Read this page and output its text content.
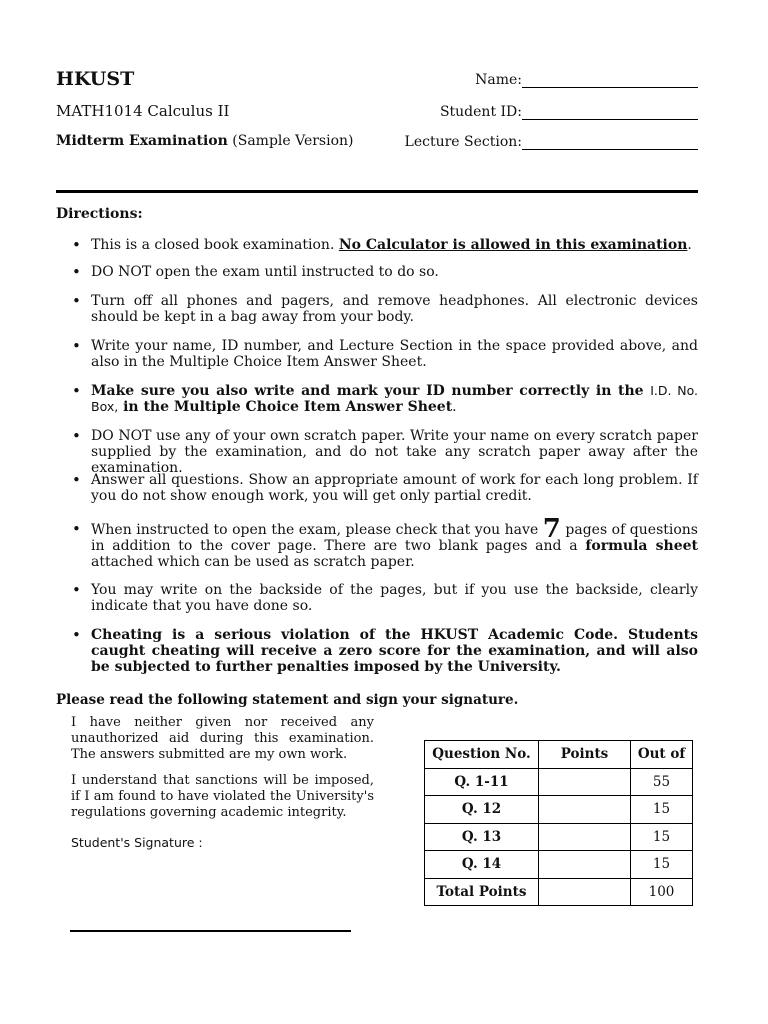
HKUST
MATH1014 Calculus II
Midterm Examination (Sample Version)
Name:
Student ID:
Lecture Section:
Directions:
• This is a closed book examination. No Calculator is allowed in this examination.
• DO NOT open the exam until instructed to do so.
• Turn off all phones and pagers, and remove headphones. All electronic devices should be kept in a bag away from your body.
• Write your name, ID number, and Lecture Section in the space provided above, and also in the Multiple Choice Item Answer Sheet.
• Make sure you also write and mark your ID number correctly in the I.D. No. Box, in the Multiple Choice Item Answer Sheet.
• DO NOT use any of your own scratch paper. Write your name on every scratch paper supplied by the examination, and do not take any scratch paper away after the examination.
• Answer all questions. Show an appropriate amount of work for each long problem. If you do not show enough work, you will get only partial credit.
• When instructed to open the exam, please check that you have 7 pages of questions in addition to the cover page. There are two blank pages and a formula sheet attached which can be used as scratch paper.
• You may write on the backside of the pages, but if you use the backside, clearly indicate that you have done so.
• Cheating is a serious violation of the HKUST Academic Code. Students caught cheating will receive a zero score for the examination, and will also be subjected to further penalties imposed by the University.
Please read the following statement and sign your signature.
I have neither given nor received any unauthorized aid during this examination. The answers submitted are my own work.
I understand that sanctions will be imposed, if I am found to have violated the University's regulations governing academic integrity.
Student's Signature :
Question No.	Points	Out of
Q. 1-11		55
Q. 12		15
Q. 13		15
Q. 14		15
Total Points		100
